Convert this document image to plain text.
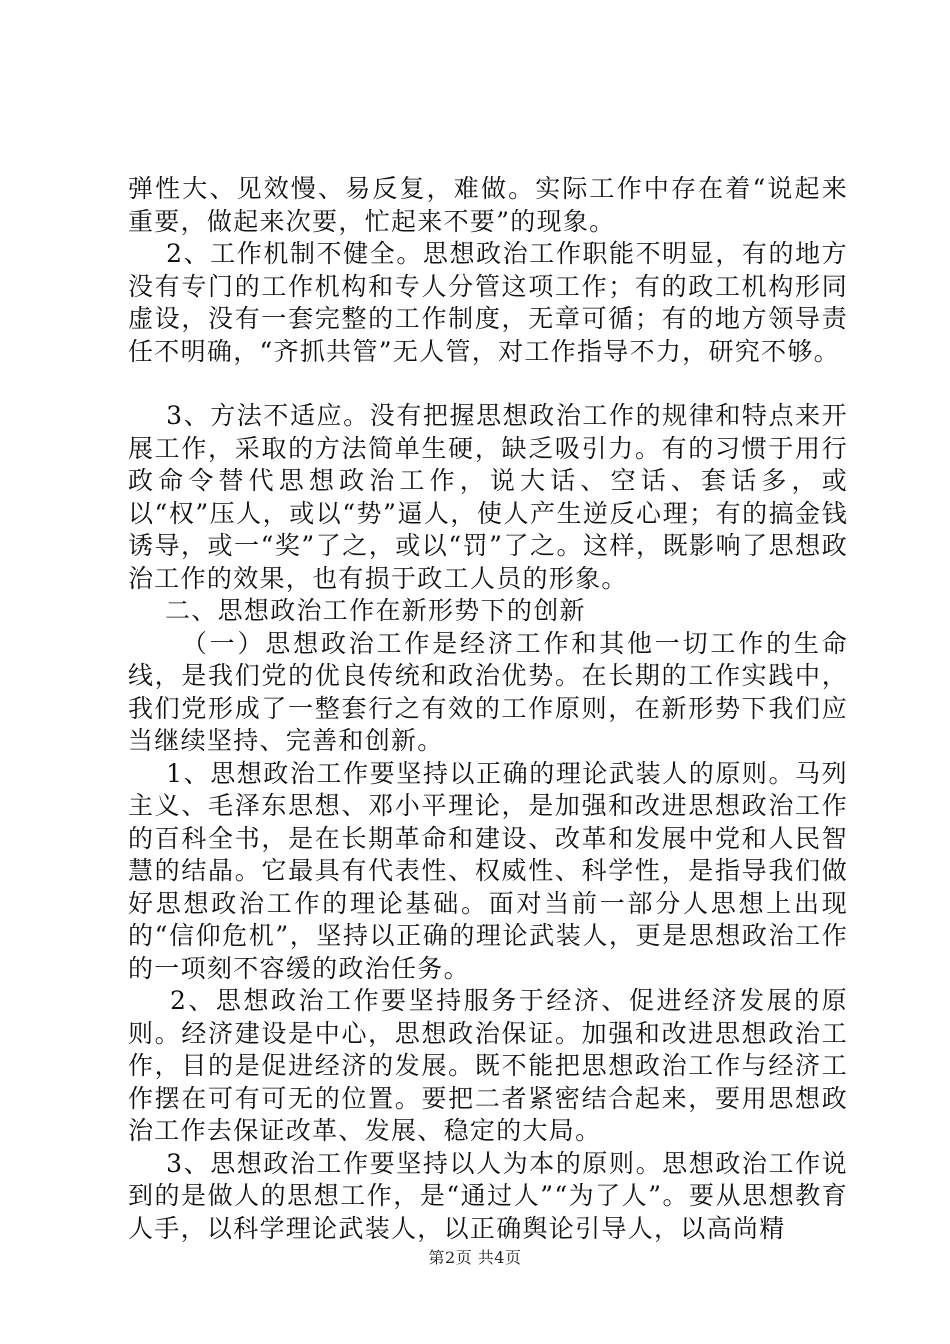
弹性大、见效慢、易反复，难做。实际工作中存在着“说起来重要，做起来次要，忙起来不要”的现象。

2、工作机制不健全。思想政治工作职能不明显，有的地方没有专门的工作机构和专人分管这项工作；有的政工机构形同虚设，没有一套完整的工作制度，无章可循；有的地方领导责任不明确，“齐抓共管”无人管，对工作指导不力，研究不够。

3、方法不适应。没有把握思想政治工作的规律和特点来开展工作，采取的方法简单生硬，缺乏吸引力。有的习惯于用行政命令替代思想政治工作，说大话、空话、套话多，或以“权”压人，或以“势”逼人，使人产生逆反心理；有的搞金钱诱导，或一“奖”了之，或以“罚”了之。这样，既影响了思想政治工作的效果，也有损于政工人员的形象。

二、思想政治工作在新形势下的创新

（一）思想政治工作是经济工作和其他一切工作的生命线，是我们党的优良传统和政治优势。在长期的工作实践中，我们党形成了一整套行之有效的工作原则，在新形势下我们应当继续坚持、完善和创新。

1、思想政治工作要坚持以正确的理论武装人的原则。马列主义、毛泽东思想、邓小平理论，是加强和改进思想政治工作的百科全书，是在长期革命和建设、改革和发展中党和人民智慧的结晶。它最具有代表性、权威性、科学性，是指导我们做好思想政治工作的理论基础。面对当前一部分人思想上出现的“信仰危机”，坚持以正确的理论武装人，更是思想政治工作的一项刻不容缓的政治任务。

2、思想政治工作要坚持服务于经济、促进经济发展的原则。经济建设是中心，思想政治保证。加强和改进思想政治工作，目的是促进经济的发展。既不能把思想政治工作与经济工作摆在可有可无的位置。要把二者紧密结合起来，要用思想政治工作去保证改革、发展、稳定的大局。

3、思想政治工作要坚持以人为本的原则。思想政治工作说到的是做人的思想工作，是“通过人”“为了人”。要从思想教育人手，以科学理论武装人，以正确舆论引导人，以高尚精

第2页 共4页
